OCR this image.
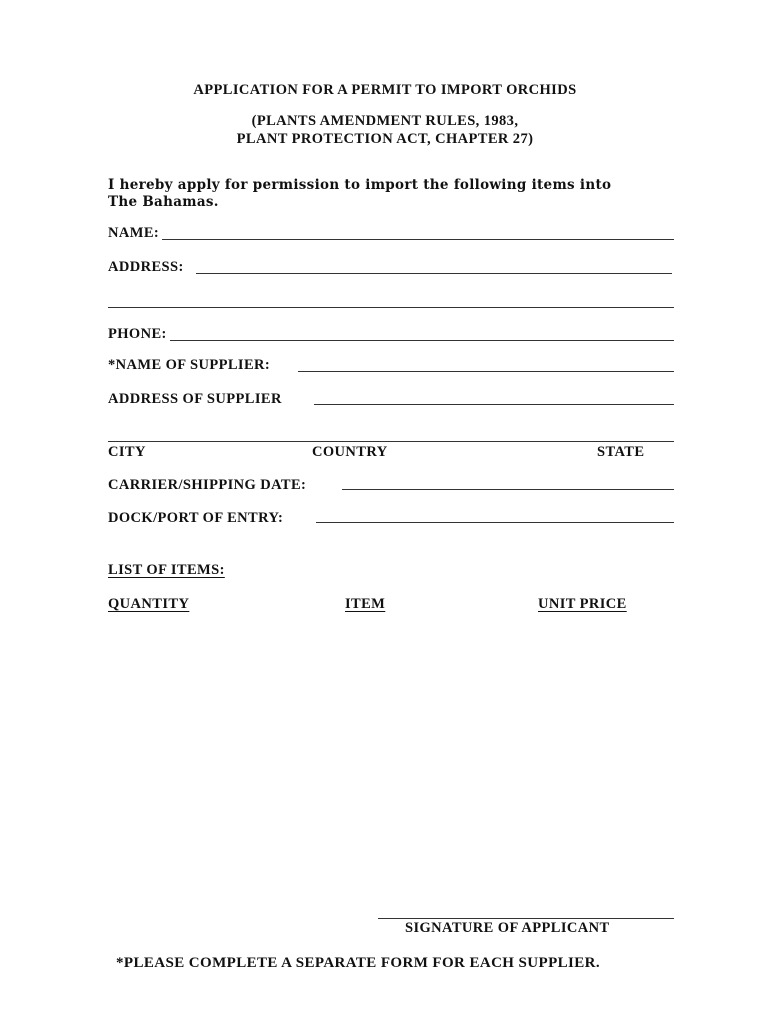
APPLICATION FOR A PERMIT TO IMPORT ORCHIDS
(PLANTS AMENDMENT RULES, 1983,
PLANT PROTECTION ACT, CHAPTER 27)
I hereby apply for permission to import the following items into
The Bahamas.
NAME:
ADDRESS:
PHONE:
*NAME OF SUPPLIER:
ADDRESS OF SUPPLIER
CITY	COUNTRY	STATE
CARRIER/SHIPPING DATE:
DOCK/PORT OF ENTRY:
LIST OF ITEMS:
QUANTITY	ITEM	UNIT PRICE
SIGNATURE OF APPLICANT
*PLEASE COMPLETE A SEPARATE FORM FOR EACH SUPPLIER.
